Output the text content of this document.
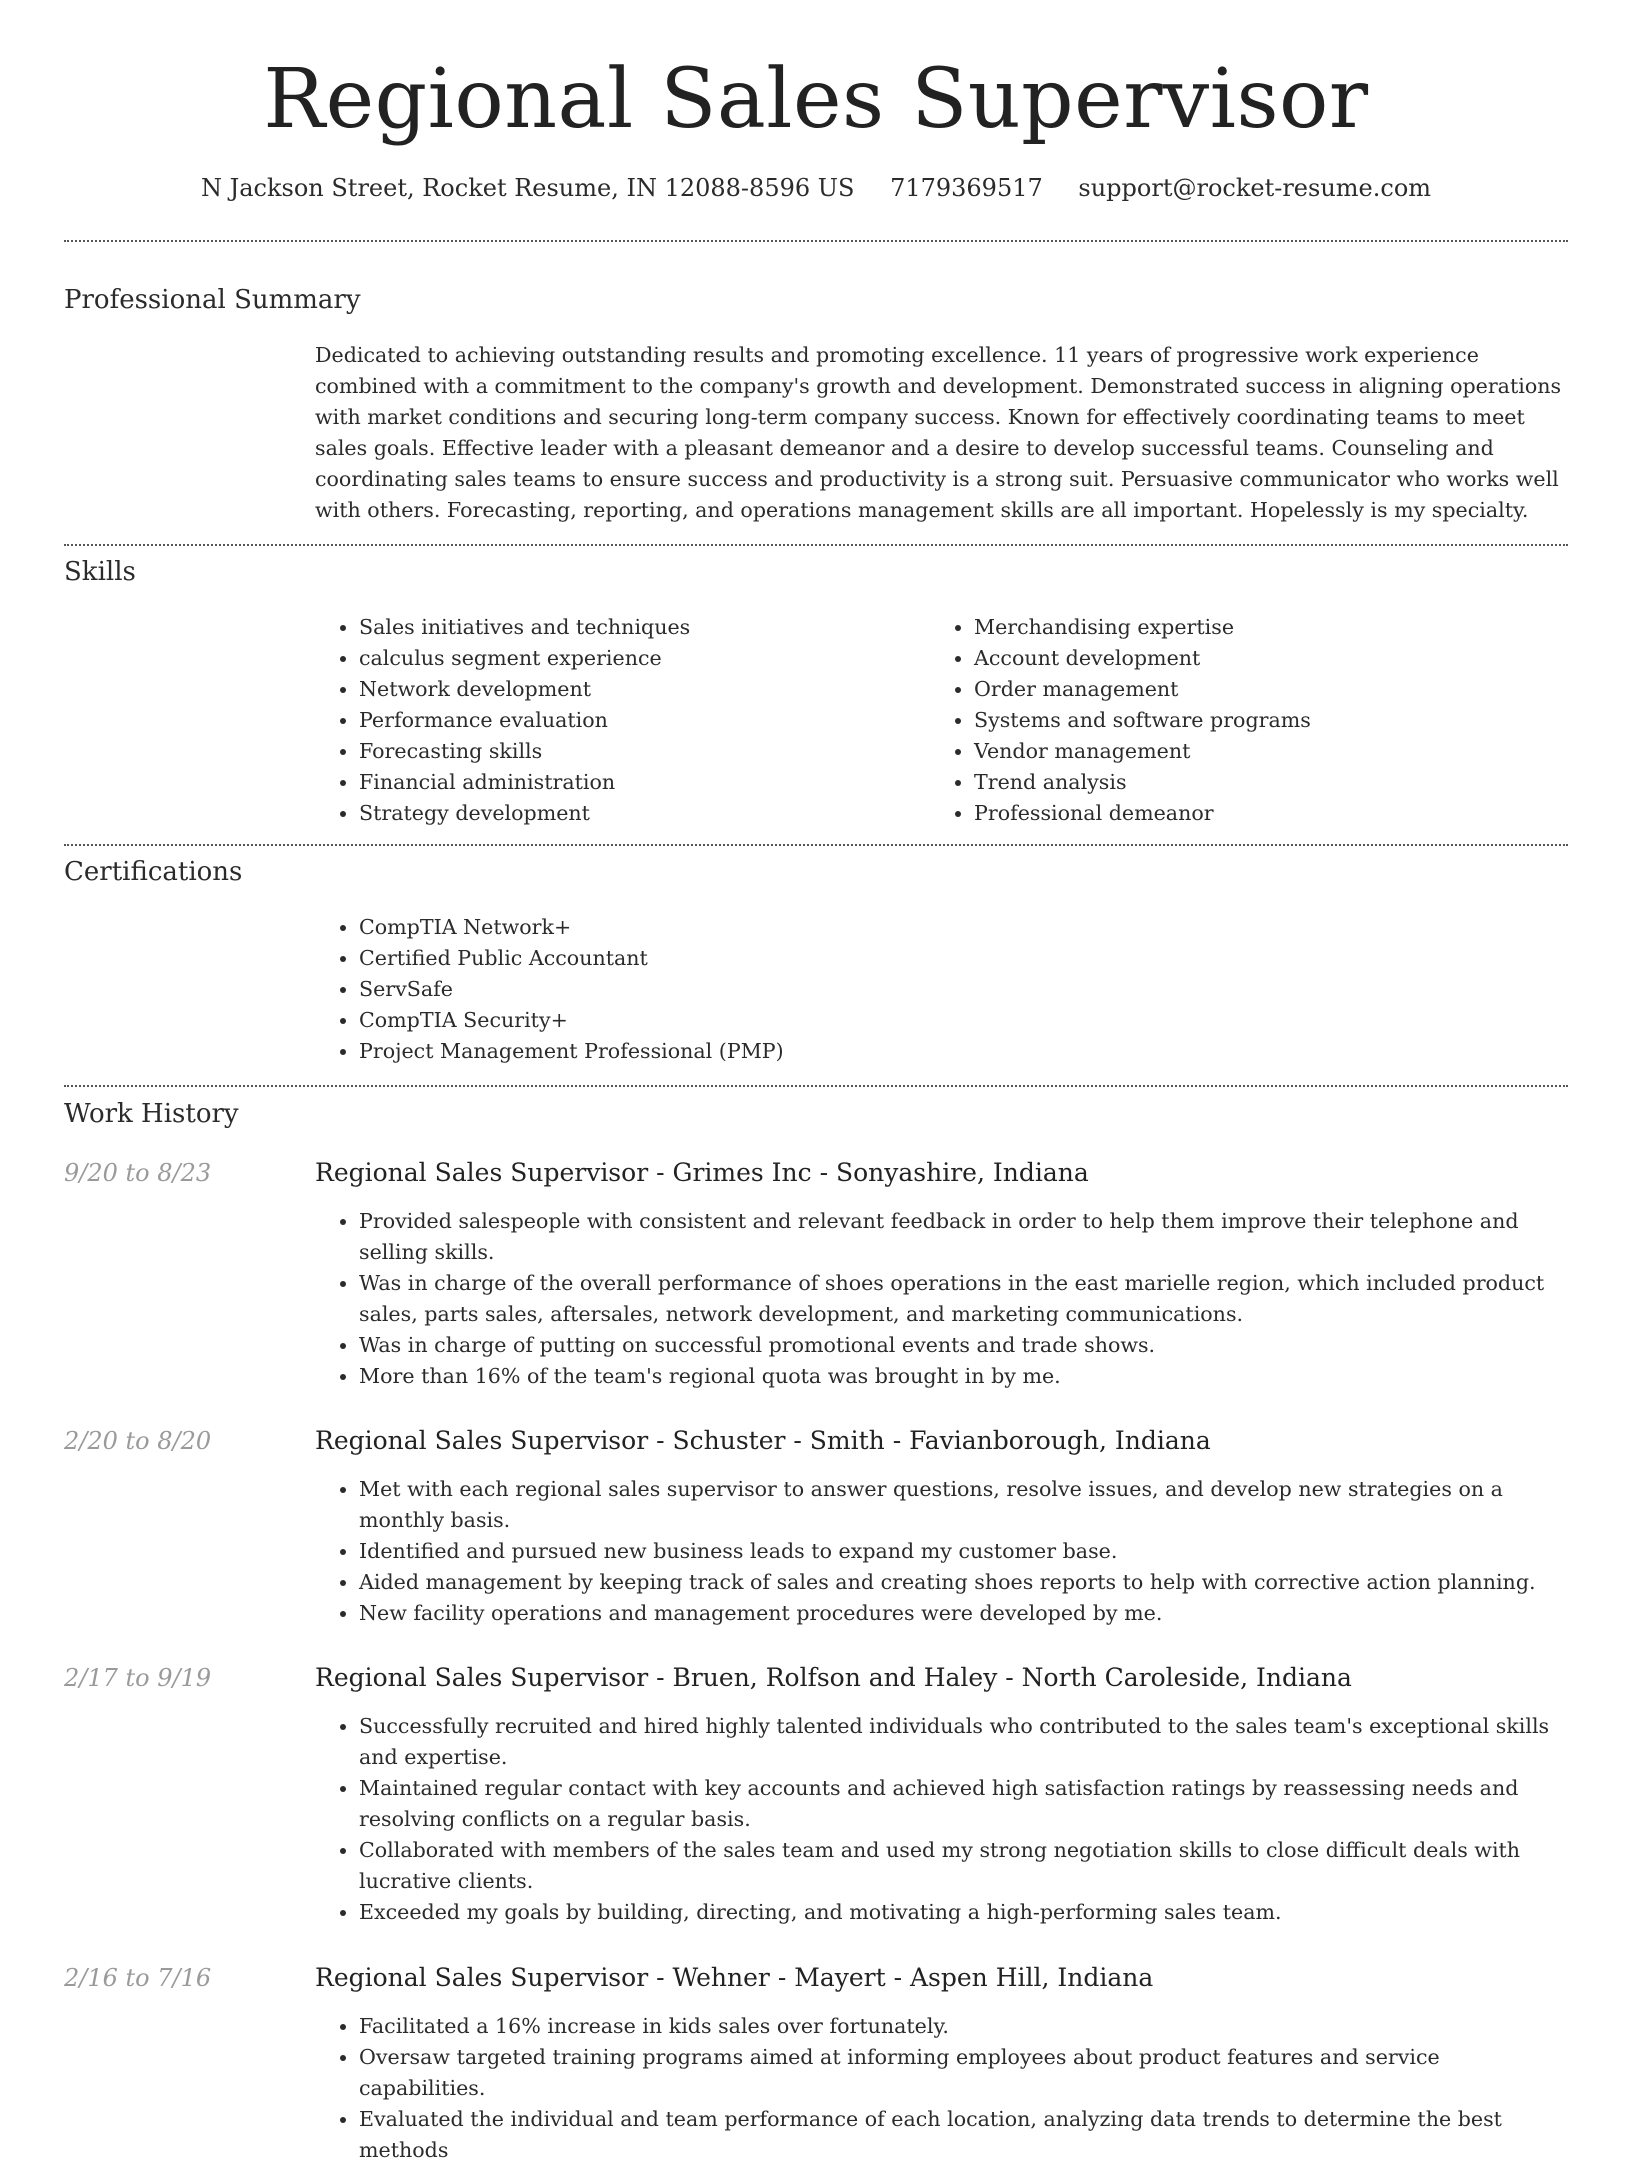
Regional Sales Supervisor
N Jackson Street, Rocket Resume, IN 12088-8596 US 7179369517 support@rocket-resume.com
Professional Summary

Dedicated to achieving outstanding results and promoting excellence. 11 years of progressive work experience combined with a commitment to the company's growth and development. Demonstrated success in aligning operations with market conditions and securing long-term company success. Known for effectively coordinating teams to meet sales goals. Effective leader with a pleasant demeanor and a desire to develop successful teams. Counseling and coordinating sales teams to ensure success and productivity is a strong suit. Persuasive communicator who works well with others. Forecasting, reporting, and operations management skills are all important. Hopelessly is my specialty.

Skills
• Sales initiatives and techniques
• calculus segment experience
• Network development
• Performance evaluation
• Forecasting skills
• Financial administration
• Strategy development
• Merchandising expertise
• Account development
• Order management
• Systems and software programs
• Vendor management
• Trend analysis
• Professional demeanor
Certifications
• CompTIA Network+
• Certified Public Accountant
• ServSafe
• CompTIA Security+
• Project Management Professional (PMP)
Work History
9/20 to 8/23	Regional Sales Supervisor - Grimes Inc - Sonyashire, Indiana
• Provided salespeople with consistent and relevant feedback in order to help them improve their telephone and selling skills.
• Was in charge of the overall performance of shoes operations in the east marielle region, which included product sales, parts sales, aftersales, network development, and marketing communications.
• Was in charge of putting on successful promotional events and trade shows.
• More than 16% of the team's regional quota was brought in by me.
2/20 to 8/20	Regional Sales Supervisor - Schuster - Smith - Favianborough, Indiana
• Met with each regional sales supervisor to answer questions, resolve issues, and develop new strategies on a monthly basis.
• Identified and pursued new business leads to expand my customer base.
• Aided management by keeping track of sales and creating shoes reports to help with corrective action planning.
• New facility operations and management procedures were developed by me.
2/17 to 9/19	Regional Sales Supervisor - Bruen, Rolfson and Haley - North Caroleside, Indiana
• Successfully recruited and hired highly talented individuals who contributed to the sales team's exceptional skills and expertise.
• Maintained regular contact with key accounts and achieved high satisfaction ratings by reassessing needs and resolving conflicts on a regular basis.
• Collaborated with members of the sales team and used my strong negotiation skills to close difficult deals with lucrative clients.
• Exceeded my goals by building, directing, and motivating a high-performing sales team.
2/16 to 7/16	Regional Sales Supervisor - Wehner - Mayert - Aspen Hill, Indiana
• Facilitated a 16% increase in kids sales over fortunately.
• Oversaw targeted training programs aimed at informing employees about product features and service capabilities.
• Evaluated the individual and team performance of each location, analyzing data trends to determine the best methods
